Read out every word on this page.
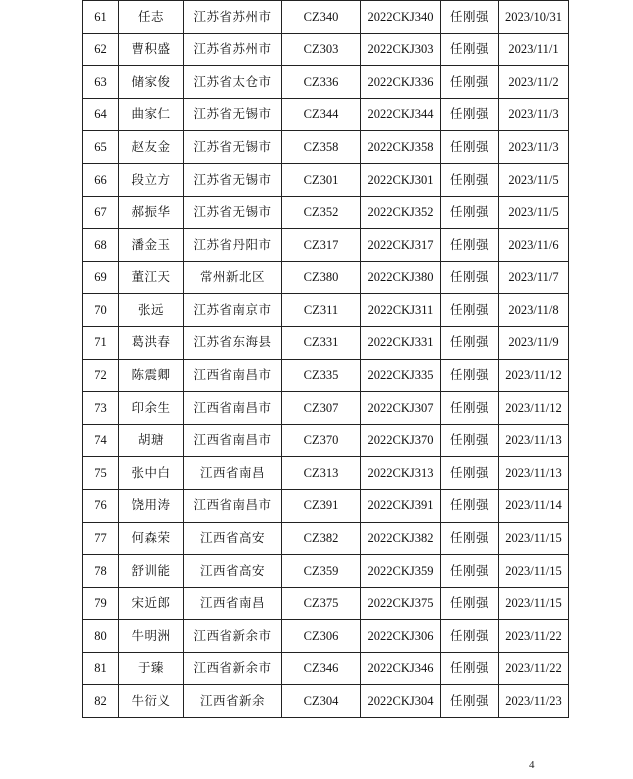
61	任志	江苏省苏州市	CZ340	2022CKJ340	任刚强	2023/10/31
62	曹积盛	江苏省苏州市	CZ303	2022CKJ303	任刚强	2023/11/1
63	储家俊	江苏省太仓市	CZ336	2022CKJ336	任刚强	2023/11/2
64	曲家仁	江苏省无锡市	CZ344	2022CKJ344	任刚强	2023/11/3
65	赵友金	江苏省无锡市	CZ358	2022CKJ358	任刚强	2023/11/3
66	段立方	江苏省无锡市	CZ301	2022CKJ301	任刚强	2023/11/5
67	郝振华	江苏省无锡市	CZ352	2022CKJ352	任刚强	2023/11/5
68	潘金玉	江苏省丹阳市	CZ317	2022CKJ317	任刚强	2023/11/6
69	董江天	常州新北区	CZ380	2022CKJ380	任刚强	2023/11/7
70	张远	江苏省南京市	CZ311	2022CKJ311	任刚强	2023/11/8
71	葛洪春	江苏省东海县	CZ331	2022CKJ331	任刚强	2023/11/9
72	陈震卿	江西省南昌市	CZ335	2022CKJ335	任刚强	2023/11/12
73	印余生	江西省南昌市	CZ307	2022CKJ307	任刚强	2023/11/12
74	胡瑭	江西省南昌市	CZ370	2022CKJ370	任刚强	2023/11/13
75	张中白	江西省南昌	CZ313	2022CKJ313	任刚强	2023/11/13
76	饶用涛	江西省南昌市	CZ391	2022CKJ391	任刚强	2023/11/14
77	何森荣	江西省高安	CZ382	2022CKJ382	任刚强	2023/11/15
78	舒训能	江西省高安	CZ359	2022CKJ359	任刚强	2023/11/15
79	宋近郎	江西省南昌	CZ375	2022CKJ375	任刚强	2023/11/15
80	牛明洲	江西省新余市	CZ306	2022CKJ306	任刚强	2023/11/22
81	于臻	江西省新余市	CZ346	2022CKJ346	任刚强	2023/11/22
82	牛衍义	江西省新余	CZ304	2022CKJ304	任刚强	2023/11/23
4
